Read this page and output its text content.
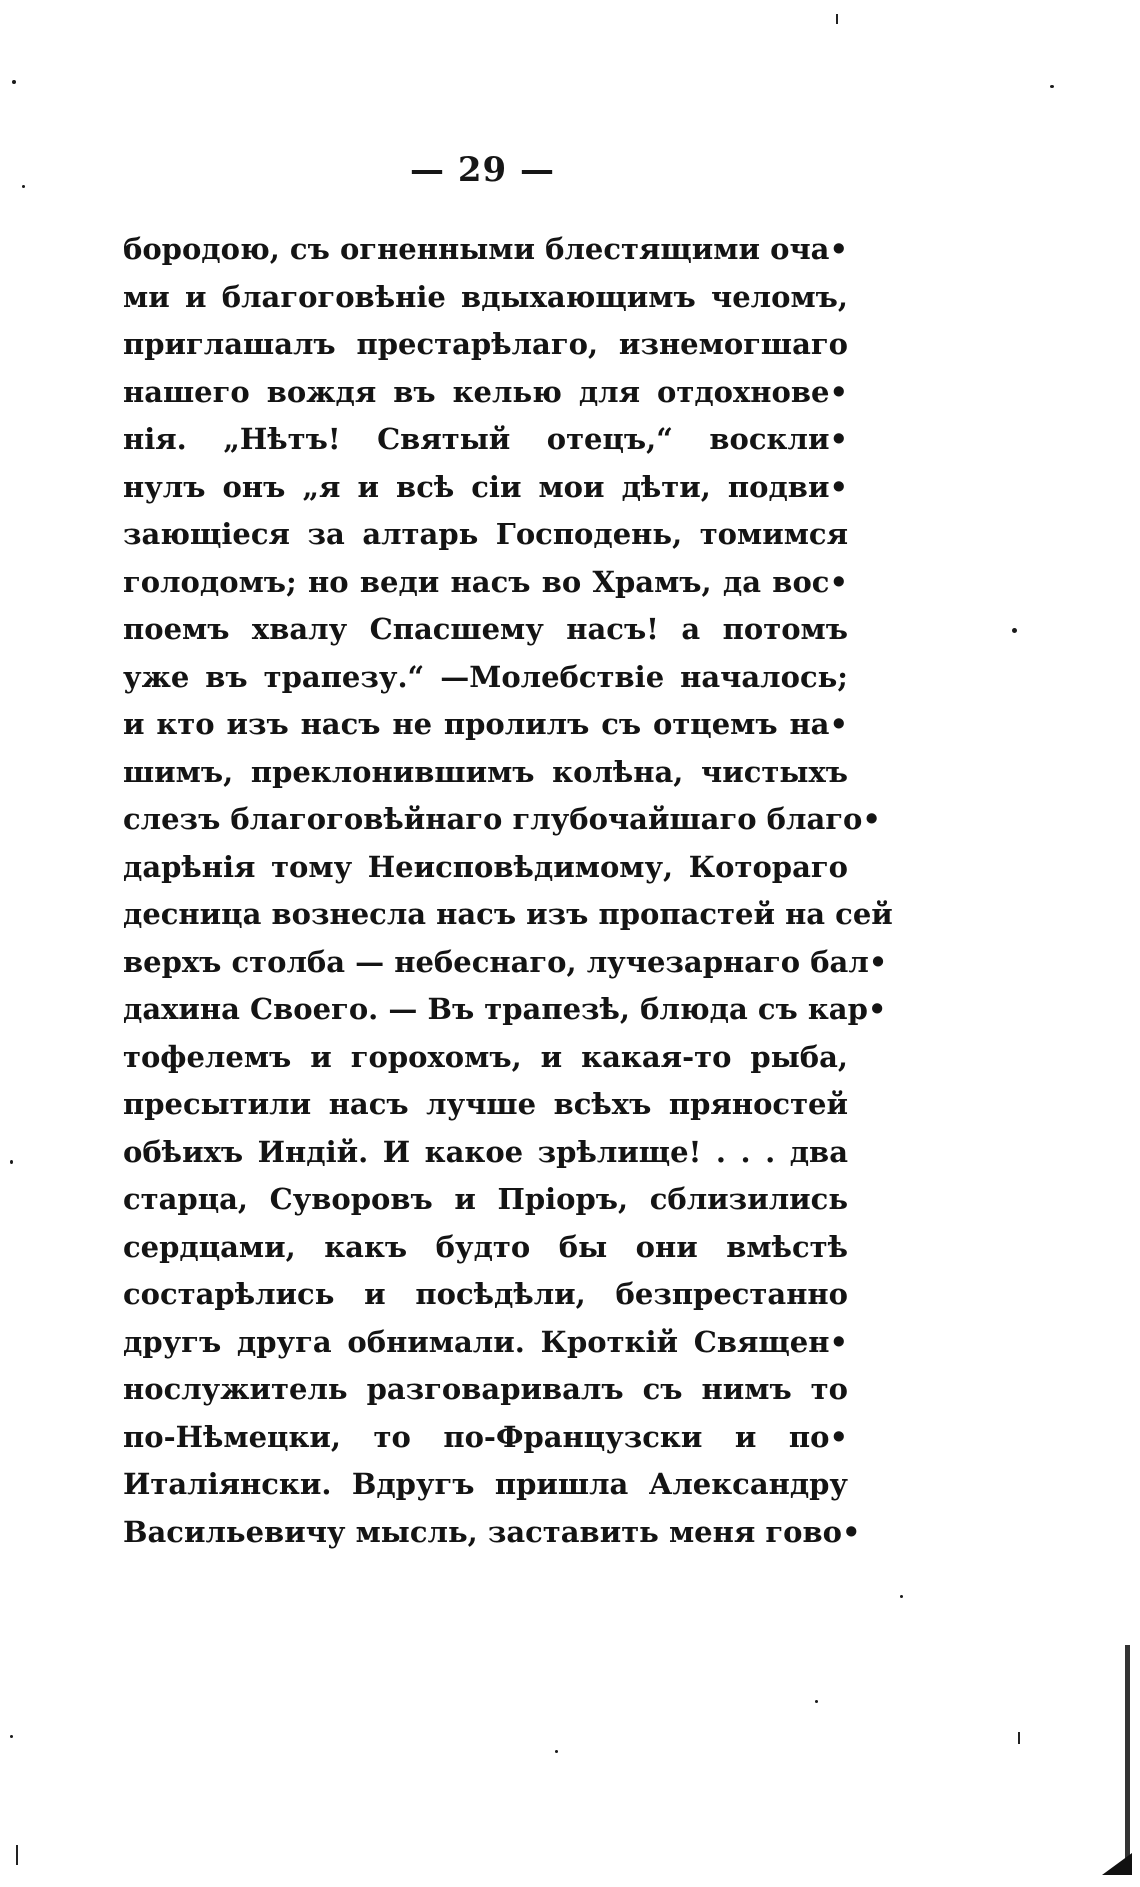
— 29 —
бородою, съ огненными блестящими оча•
ми и благоговѣніе вдыхающимъ челомъ,
приглашалъ престарѣлаго, изнемогшаго
нашего вождя въ келью для отдохнове•
нія. „Нѣтъ! Святый отецъ,“ воскли•
нулъ онъ „я и всѣ сіи мои дѣти, подви•
зающіеся за алтарь Господень, томимся
голодомъ; но веди насъ во Храмъ, да вос•
поемъ хвалу Спасшему насъ! а потомъ
уже въ трапезу.“ —Молебствіе началось;
и кто изъ насъ не пролилъ съ отцемъ на•
шимъ, преклонившимъ колѣна, чистыхъ
слезъ благоговѣйнаго глубочайшаго благо•
дарѣнія тому Неисповѣдимому, Котораго
десница вознесла насъ изъ пропастей на сей
верхъ столба — небеснаго, лучезарнаго бал•
дахина Своего. — Въ трапезѣ, блюда съ кар•
тофелемъ и горохомъ, и какая-то рыба,
пресытили насъ лучше всѣхъ пряностей
обѣихъ Индій. И какое зрѣлище! . . . два
старца, Суворовъ и Пріоръ, сблизились
сердцами, какъ будто бы они вмѣстѣ
состарѣлись и посѣдѣли, безпрестанно
другъ друга обнимали. Кроткій Священ•
нослужитель разговаривалъ съ нимъ то
по-Нѣмецки, то по-Французски и по•
Италіянски. Вдругъ пришла Александру
Васильевичу мысль, заставить меня гово•
